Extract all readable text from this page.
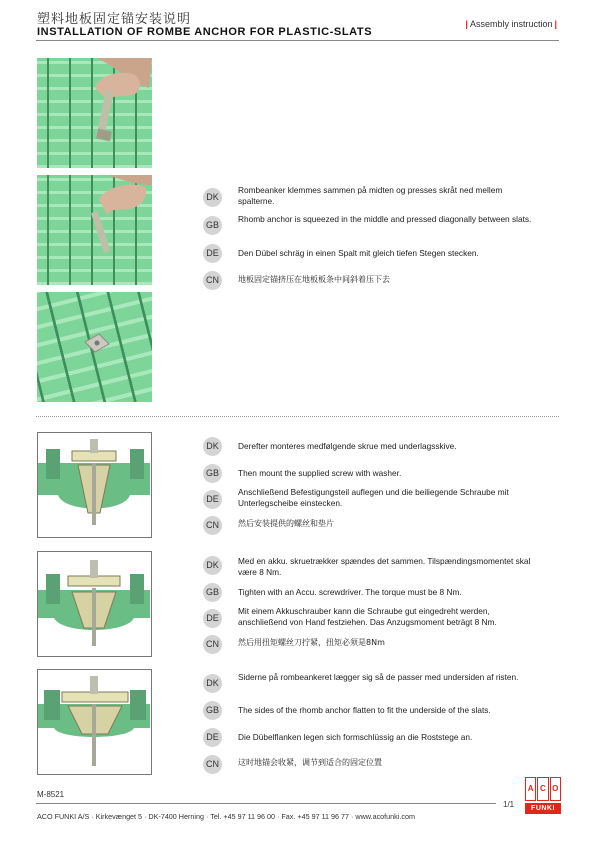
塑料地板固定锚安装说明
INSTALLATION OF ROMBE ANCHOR FOR PLASTIC-SLATS
| Assembly instruction |
DK
Rombeanker klemmes sammen på midten og presses skråt ned mellem spalterne.
GB
Rhomb anchor is squeezed in the middle and pressed diagonally between slats.
DE	Den Dübel schräg in einen Spalt mit gleich tiefen Stegen stecken.
CN	地板固定锚挤压在地板板条中间斜着压下去
DK	Derefter monteres medfølgende skrue med underlagsskive.
GB	Then mount the supplied screw with washer.
DE
Anschließend Befestigungsteil auflegen und die beiliegende Schraube mit Unterlegscheibe einstecken.
CN	然后安装提供的螺丝和垫片
DK	Med en akku. skruetrækker spændes det sammen. Tilspændingsmomentet skal være 8 Nm.
GB	Tighten with an Accu. screwdriver. The torque must be 8 Nm.
DE
Mit einem Akkuschrauber kann die Schraube gut eingedreht werden, anschließend von Hand festziehen. Das Anzugsmoment beträgt 8 Nm.
CN	然后用扭矩螺丝刀拧紧，扭矩必须是8Nm
DK
Siderne på rombeankeret lægger sig så de passer med undersiden af risten.
GB	The sides of the rhomb anchor flatten to fit the underside of the slats.
DE	Die Dübelflanken legen sich formschlüssig an die Roststege an.
CN	这时地锚会收紧，调节到适合的固定位置
M-8521
1/1
ACO FUNKI A/S · Kirkevænget 5 · DK-7400 Herning · Tel. +45 97 11 96 00 · Fax. +45 97 11 96 77 · www.acofunki.com
A C O
FUNKI
